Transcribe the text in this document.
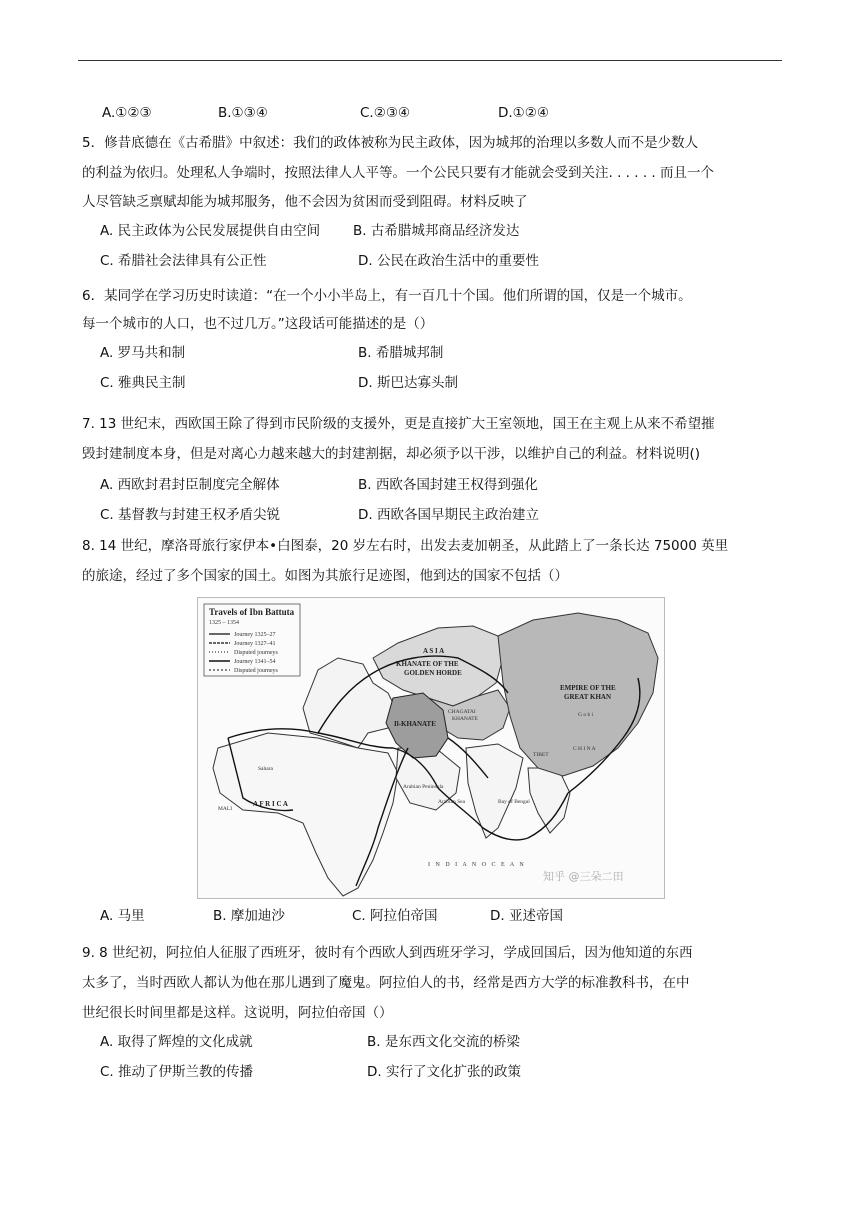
A.①②③	B.①③④	C.②③④	D.①②④
5．修昔底德在《古希腊》中叙述：我们的政体被称为民主政体，因为城邦的治理以多数人而不是少数人
的利益为依归。处理私人争端时，按照法律人人平等。一个公民只要有才能就会受到关注. . . . . . 而且一个
人尽管缺乏禀赋却能为城邦服务，他不会因为贫困而受到阻碍。材料反映了
A. 民主政体为公民发展提供自由空间 B. 古希腊城邦商品经济发达
C. 希腊社会法律具有公正性	D. 公民在政治生活中的重要性
6．某同学在学习历史时读道：“在一个小小半岛上，有一百几十个国。他们所谓的国，仅是一个城市。
每一个城市的人口，也不过几万。”这段话可能描述的是（）
A. 罗马共和制	B. 希腊城邦制
C. 雅典民主制	D. 斯巴达寡头制
7. 13 世纪末，西欧国王除了得到市民阶级的支援外，更是直接扩大王室领地，国王在主观上从来不希望摧
毁封建制度本身，但是对离心力越来越大的封建割据，却必须予以干涉，以维护自己的利益。材料说明()
A. 西欧封君封臣制度完全解体	B. 西欧各国封建王权得到强化
C. 基督教与封建王权矛盾尖锐	D. 西欧各国早期民主政治建立
8. 14 世纪，摩洛哥旅行家伊本•白图泰，20 岁左右时，出发去麦加朝圣，从此踏上了一条长达 75000 英里
的旅途，经过了多个国家的国土。如图为其旅行足迹图，他到达的国家不包括（）
Travels of Ibn Battuta
1325 – 1354
Journey 1325–27
Journey 1327–41
Disputed journeys
Journey 1341–54
Disputed journeys
A S I A
KHANATE OF THE
GOLDEN HORDE
CHAGATAI
KHANATE
EMPIRE OF THE
GREAT KHAN
Il-KHANATE
G o b i
TIBET
C H I N A
A F R I C A
MALI
Sahara
Arabian Peninsula
Arabian Sea	Bay of Bengal
I N D I A N O C E A N
知乎 @三朵二田
A. 马里	B. 摩加迪沙	C. 阿拉伯帝国	D. 亚述帝国
9. 8 世纪初，阿拉伯人征服了西班牙，彼时有个西欧人到西班牙学习，学成回国后，因为他知道的东西
太多了，当时西欧人都认为他在那儿遇到了魔鬼。阿拉伯人的书，经常是西方大学的标准教科书，在中
世纪很长时间里都是这样。这说明，阿拉伯帝国（）
A. 取得了辉煌的文化成就	B. 是东西文化交流的桥梁
C. 推动了伊斯兰教的传播	D. 实行了文化扩张的政策
